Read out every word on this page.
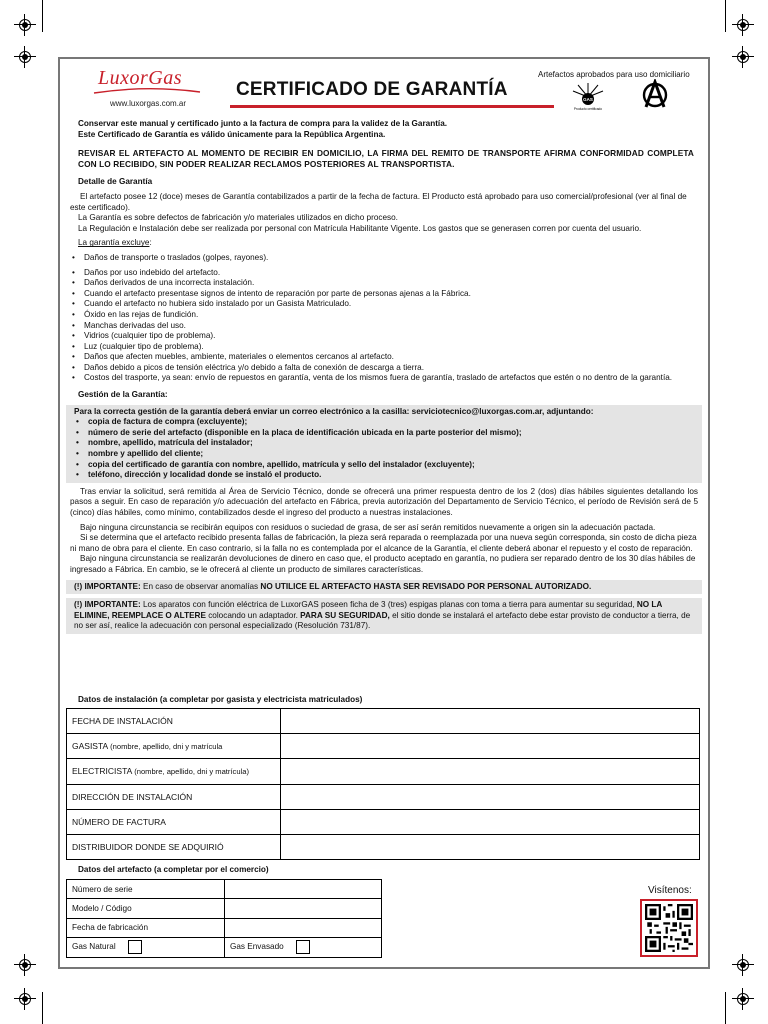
LuxorGas
www.luxorgas.com.ar
CERTIFICADO DE GARANTÍA
Artefactos aprobados para uso domiciliario
GAS
Producto certificado
Conservar este manual y certificado junto a la factura de compra para la validez de la Garantía.
Este Certificado de Garantía es válido únicamente para la República Argentina.
REVISAR EL ARTEFACTO AL MOMENTO DE RECIBIR EN DOMICILIO, LA FIRMA DEL REMITO DE TRANSPORTE AFIRMA CONFORMIDAD COMPLETA CON LO RECIBIDO, SIN PODER REALIZAR RECLAMOS POSTERIORES AL TRANSPORTISTA.
Detalle de Garantía
El artefacto posee 12 (doce) meses de Garantía contabilizados a partir de la fecha de factura. El Producto está aprobado para uso comercial/profesional (ver al final de este certificado).
La Garantía es sobre defectos de fabricación y/o materiales utilizados en dicho proceso.
La Regulación e Instalación debe ser realizada por personal con Matrícula Habilitante Vigente. Los gastos que se generasen corren por cuenta del usuario.
La garantía excluye:
• Daños de transporte o traslados (golpes, rayones).
• Daños por uso indebido del artefacto.
• Daños derivados de una incorrecta instalación.
• Cuando el artefacto presentase signos de intento de reparación por parte de personas ajenas a la Fábrica.
• Cuando el artefacto no hubiera sido instalado por un Gasista Matriculado.
• Óxido en las rejas de fundición.
• Manchas derivadas del uso.
• Vidrios (cualquier tipo de problema).
• Luz (cualquier tipo de problema).
• Daños que afecten muebles, ambiente, materiales o elementos cercanos al artefacto.
• Daños debido a picos de tensión eléctrica y/o debido a falta de conexión de descarga a tierra.
• Costos del trasporte, ya sean: envío de repuestos en garantía, venta de los mismos fuera de garantía, traslado de artefactos que estén o no dentro de la garantía.
Gestión de la Garantía:
Para la correcta gestión de la garantía deberá enviar un correo electrónico a la casilla: serviciotecnico@luxorgas.com.ar, adjuntando:
• copia de factura de compra (excluyente);
• número de serie del artefacto (disponible en la placa de identificación ubicada en la parte posterior del mismo);
• nombre, apellido, matrícula del instalador;
• nombre y apellido del cliente;
• copia del certificado de garantía con nombre, apellido, matrícula y sello del instalador (excluyente);
• teléfono, dirección y localidad donde se instaló el producto.
Tras enviar la solicitud, será remitida al Área de Servicio Técnico, donde se ofrecerá una primer respuesta dentro de los 2 (dos) días hábiles siguientes detallando los pasos a seguir. En caso de reparación y/o adecuación del artefacto en Fábrica, previa autorización del Departamento de Servicio Técnico, el período de Revisión será de 5 (cinco) días hábiles, como mínimo, contabilizados desde el ingreso del producto a nuestras instalaciones.
Bajo ninguna circunstancia se recibirán equipos con residuos o suciedad de grasa, de ser así serán remitidos nuevamente a origen sin la adecuación pactada.
Si se determina que el artefacto recibido presenta fallas de fabricación, la pieza será reparada o reemplazada por una nueva según corresponda, sin costo de dicha pieza ni mano de obra para el cliente. En caso contrario, si la falla no es contemplada por el alcance de la Garantía, el cliente deberá abonar el repuesto y el costo de reparación.
Bajo ninguna circunstancia se realizarán devoluciones de dinero en caso que, el producto aceptado en garantía, no pudiera ser reparado dentro de los 30 días hábiles de ingresado a Fábrica. En cambio, se le ofrecerá al cliente un producto de similares características.
(!) IMPORTANTE: En caso de observar anomalías NO UTILICE EL ARTEFACTO HASTA SER REVISADO POR PERSONAL AUTORIZADO.
(!) IMPORTANTE: Los aparatos con función eléctrica de LuxorGAS poseen ficha de 3 (tres) espigas planas con toma a tierra para aumentar su seguridad, NO LA ELIMINE, REEMPLACE O ALTERE colocando un adaptador. PARA SU SEGURIDAD, el sitio donde se instalará el artefacto debe estar provisto de conductor a tierra, de no ser así, realice la adecuación con personal especializado (Resolución 731/87).
Datos de instalación (a completar por gasista y electricista matriculados)
FECHA DE INSTALACIÓN	
GASISTA (nombre, apellido, dni y matrícula	
ELECTRICISTA (nombre, apellido, dni y matrícula)	
DIRECCIÓN DE INSTALACIÓN	
NÚMERO DE FACTURA	
DISTRIBUIDOR DONDE SE ADQUIRIÓ	
Datos del artefacto (a completar por el comercio)
Número de serie	
Modelo / Código	
Fecha de fabricación	
Gas Natural	Gas Envasado
Visítenos:
